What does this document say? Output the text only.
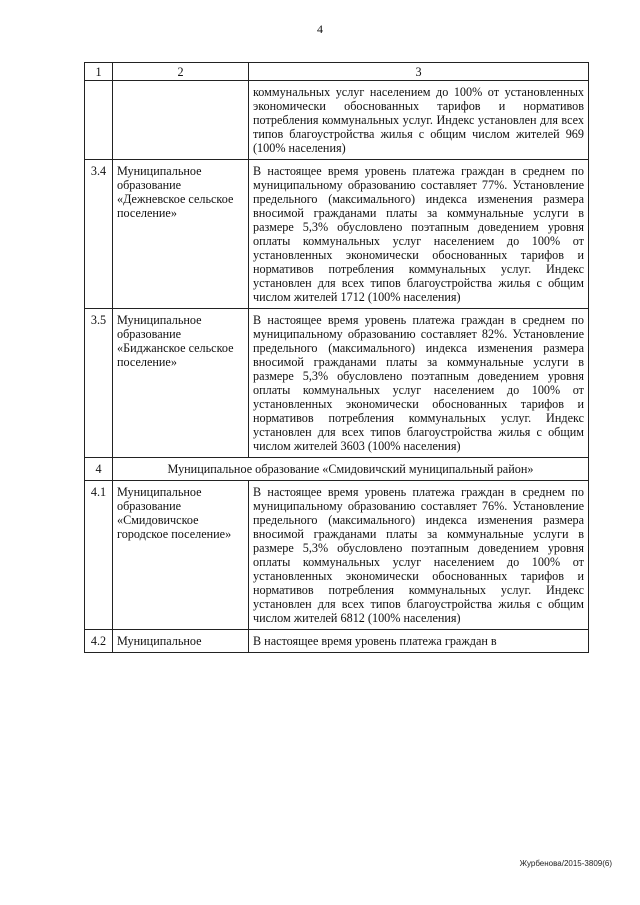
4
1	2	3
		коммунальных услуг населением до 100% от установленных экономически обоснованных тарифов и нормативов потребления коммунальных услуг. Индекс установлен для всех типов благоустройства жилья с общим числом жителей 969 (100% населения)
3.4	Муниципальное образование «Дежневское сельское поселение»	В настоящее время уровень платежа граждан в среднем по муниципальному образованию составляет 77%. Установление предельного (максимального) индекса изменения размера вносимой гражданами платы за коммунальные услуги в размере 5,3% обусловлено поэтапным доведением уровня оплаты коммунальных услуг населением до 100% от установленных экономически обоснованных тарифов и нормативов потребления коммунальных услуг. Индекс установлен для всех типов благоустройства жилья с общим числом жителей 1712 (100% населения)
3.5	Муниципальное образование «Биджанское сельское поселение»	В настоящее время уровень платежа граждан в среднем по муниципальному образованию составляет 82%. Установление предельного (максимального) индекса изменения размера вносимой гражданами платы за коммунальные услуги в размере 5,3% обусловлено поэтапным доведением уровня оплаты коммунальных услуг населением до 100% от установленных экономически обоснованных тарифов и нормативов потребления коммунальных услуг. Индекс установлен для всех типов благоустройства жилья с общим числом жителей 3603 (100% населения)
4	Муниципальное образование «Смидовичский муниципальный район»	
4.1	Муниципальное образование «Смидовичское городское поселение»	В настоящее время уровень платежа граждан в среднем по муниципальному образованию составляет 76%. Установление предельного (максимального) индекса изменения размера вносимой гражданами платы за коммунальные услуги в размере 5,3% обусловлено поэтапным доведением уровня оплаты коммунальных услуг населением до 100% от установленных экономически обоснованных тарифов и нормативов потребления коммунальных услуг. Индекс установлен для всех типов благоустройства жилья с общим числом жителей 6812 (100% населения)
4.2	Муниципальное	В настоящее время уровень платежа граждан в
Журбенова/2015-3809(6)
